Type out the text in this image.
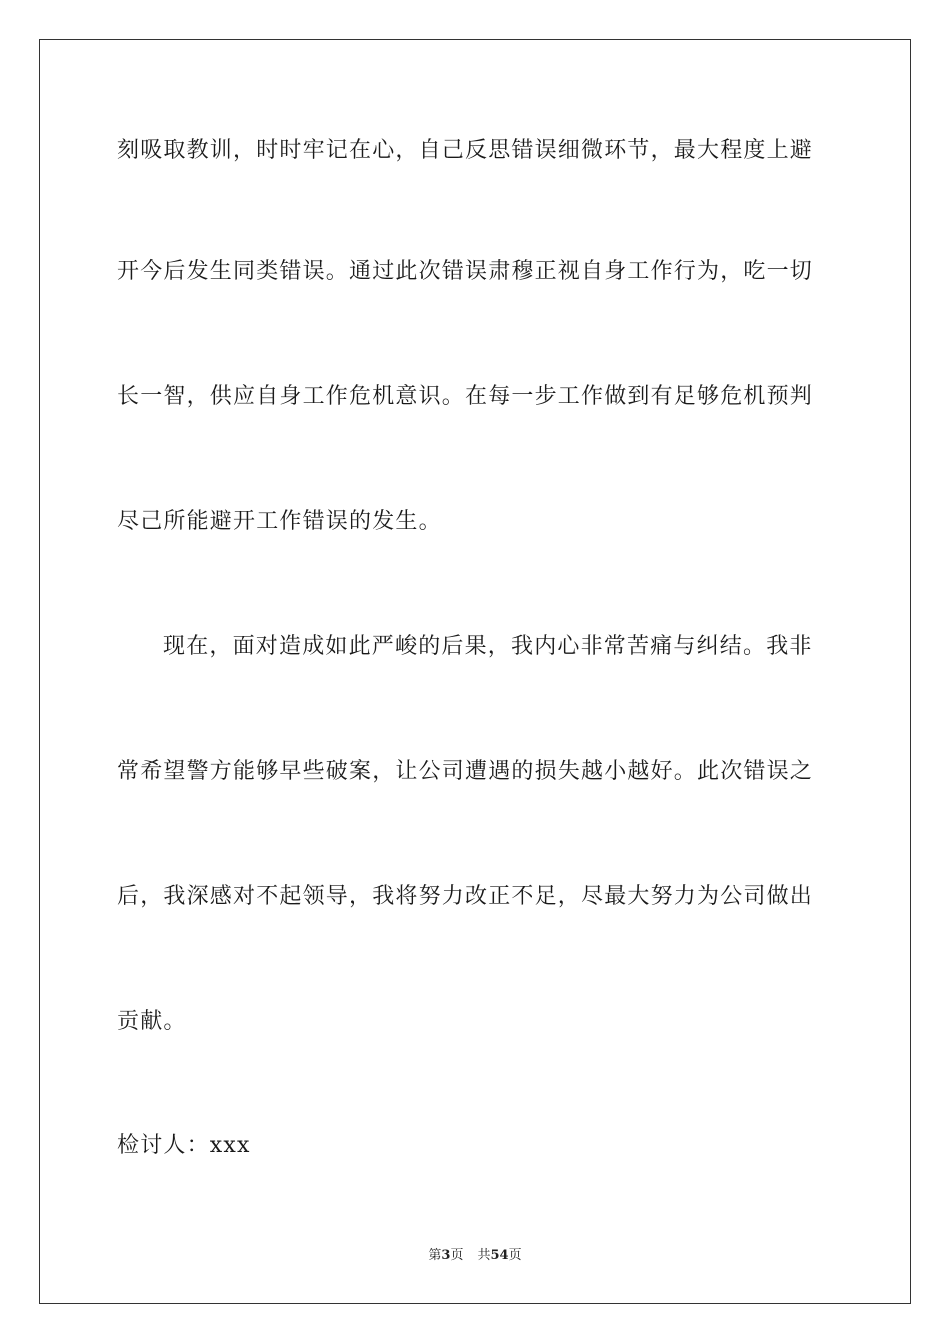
刻吸取教训，时时牢记在心，自己反思错误细微环节，最大程度上避
开今后发生同类错误。通过此次错误肃穆正视自身工作行为，吃一切
长一智，供应自身工作危机意识。在每一步工作做到有足够危机预判
尽己所能避开工作错误的发生。
现在，面对造成如此严峻的后果，我内心非常苦痛与纠结。我非
常希望警方能够早些破案，让公司遭遇的损失越小越好。此次错误之
后，我深感对不起领导，我将努力改正不足，尽最大努力为公司做出
贡献。
检讨人：xxx
第3页 共54页
